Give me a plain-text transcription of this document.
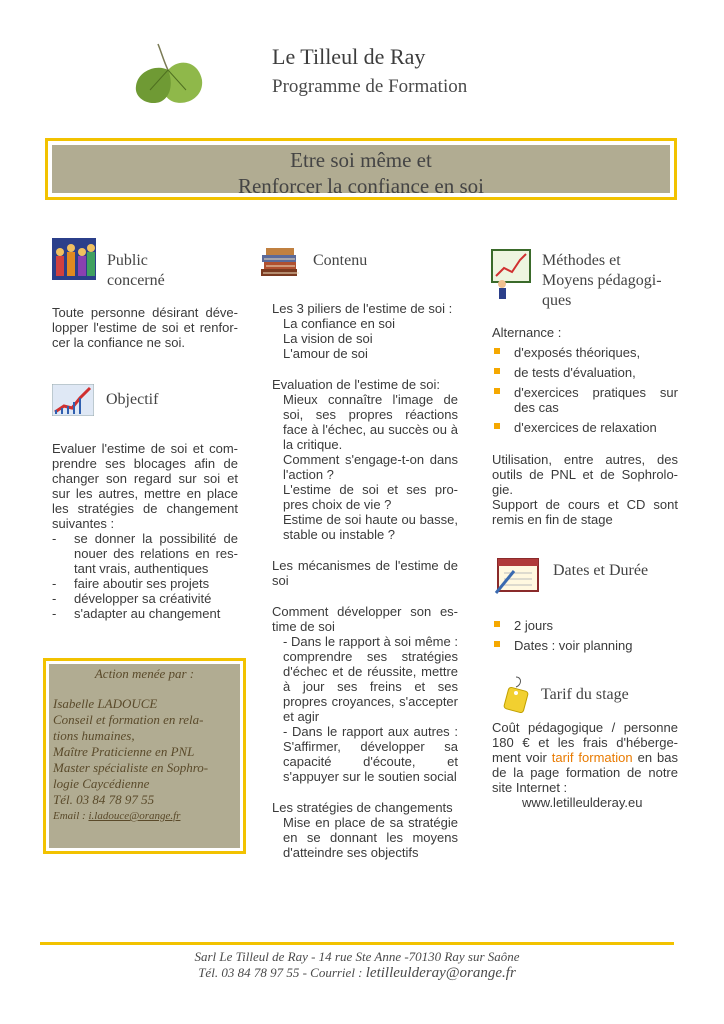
Le Tilleul de Ray
Programme de Formation
Etre soi même et
Renforcer la confiance en soi
Public
concerné
Toute personne désirant déve-lopper l'estime de soi et renfor-cer la confiance ne soi.
Objectif
Evaluer l'estime de soi et com-prendre ses blocages afin de changer son regard sur soi et sur les autres, mettre en place les stratégies de changement suivantes :
- se donner la possibilité de nouer des relations en res-tant vrais, authentiques
- faire aboutir ses projets
- développer sa créativité
- s'adapter au changement
Action menée par :
Isabelle LADOUCE
Conseil et formation en rela-
tions humaines,
Maître Praticienne en PNL
Master spécialiste en Sophro-
logie Caycédienne
Tél. 03 84 78 97 55
Email : i.ladouce@orange.fr
Contenu
Les 3 piliers de l'estime de soi :
La confiance en soi
La vision de soi
L'amour de soi
Evaluation de l'estime de soi:
Mieux connaître l'image de soi, ses propres réactions face à l'échec, au succès ou à la critique.
Comment s'engage-t-on dans l'action ?
L'estime de soi et ses pro-pres choix de vie ?
Estime de soi haute ou basse, stable ou instable ?
Les mécanismes de l'estime de soi
Comment développer son es-time de soi
- Dans le rapport à soi même : comprendre ses stratégies d'échec et de réussite, mettre à jour ses freins et ses propres croyances, s'accepter et agir
- Dans le rapport aux autres : S'affirmer, développer sa capacité d'écoute, et s'appuyer sur le soutien social
Les stratégies de changements
Mise en place de sa stratégie en se donnant les moyens d'atteindre ses objectifs
Méthodes et
Moyens pédagogi-
ques
Alternance :
d'exposés théoriques,
de tests d'évaluation,
d'exercices pratiques sur des cas
d'exercices de relaxation
Utilisation, entre autres, des outils de PNL et de Sophrolo-gie.
Support de cours et CD sont remis en fin de stage
Dates et Durée
2 jours
Dates : voir planning
Tarif du stage
Coût pédagogique / personne 180 € et les frais d'héberge-ment voir tarif formation en bas de la page formation de notre site Internet :
www.letilleulderay.eu
Sarl Le Tilleul de Ray - 14 rue Ste Anne -70130 Ray sur Saône
Tél. 03 84 78 97 55 - Courriel : letilleulderay@orange.fr
